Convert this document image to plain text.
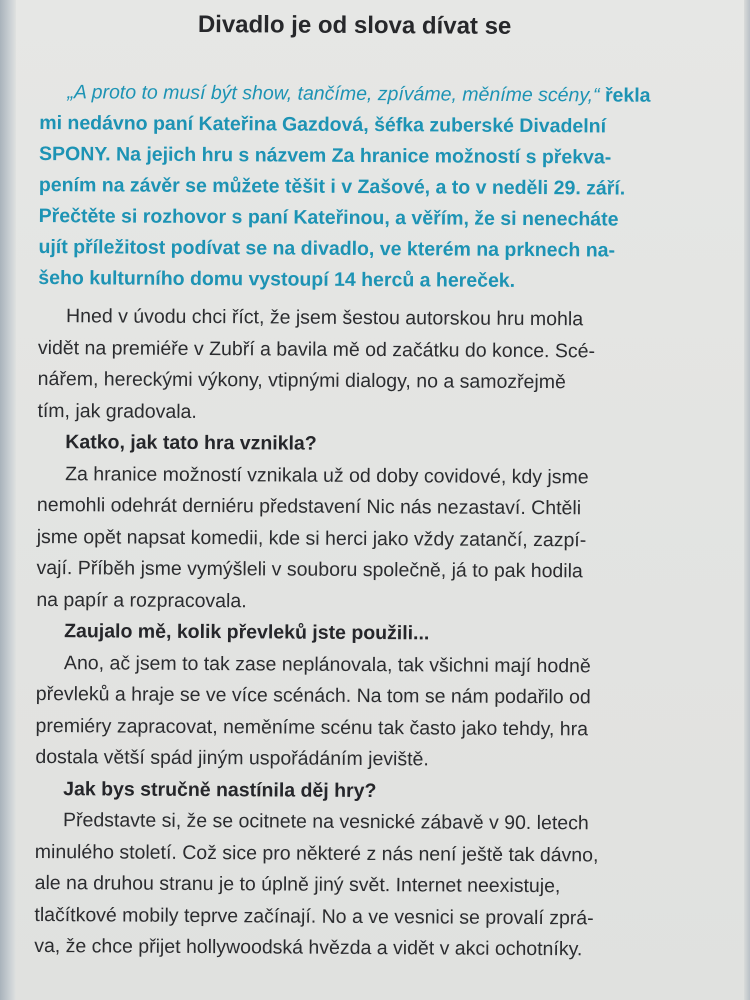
Divadlo je od slova dívat se
„A proto to musí být show, tančíme, zpíváme, měníme scény,“ řekla
mi nedávno paní Kateřina Gazdová, šéfka zuberské Divadelní
SPONY. Na jejich hru s názvem Za hranice možností s překva-
pením na závěr se můžete těšit i v Zašové, a to v neděli 29. září.
Přečtěte si rozhovor s paní Kateřinou, a věřím, že si nenecháte
ujít příležitost podívat se na divadlo, ve kterém na prknech na-
šeho kulturního domu vystoupí 14 herců a hereček.
Hned v úvodu chci říct, že jsem šestou autorskou hru mohla
vidět na premiéře v Zubří a bavila mě od začátku do konce. Scé-
nářem, hereckými výkony, vtipnými dialogy, no a samozřejmě
tím, jak gradovala.
Katko, jak tato hra vznikla?
Za hranice možností vznikala už od doby covidové, kdy jsme
nemohli odehrát derniéru představení Nic nás nezastaví. Chtěli
jsme opět napsat komedii, kde si herci jako vždy zatančí, zazpí-
vají. Příběh jsme vymýšleli v souboru společně, já to pak hodila
na papír a rozpracovala.
Zaujalo mě, kolik převleků jste použili...
Ano, ač jsem to tak zase neplánovala, tak všichni mají hodně
převleků a hraje se ve více scénách. Na tom se nám podařilo od
premiéry zapracovat, neměníme scénu tak často jako tehdy, hra
dostala větší spád jiným uspořádáním jeviště.
Jak bys stručně nastínila děj hry?
Představte si, že se ocitnete na vesnické zábavě v 90. letech
minulého století. Což sice pro některé z nás není ještě tak dávno,
ale na druhou stranu je to úplně jiný svět. Internet neexistuje,
tlačítkové mobily teprve začínají. No a ve vesnici se provalí zprá-
va, že chce přijet hollywoodská hvězda a vidět v akci ochotníky.
